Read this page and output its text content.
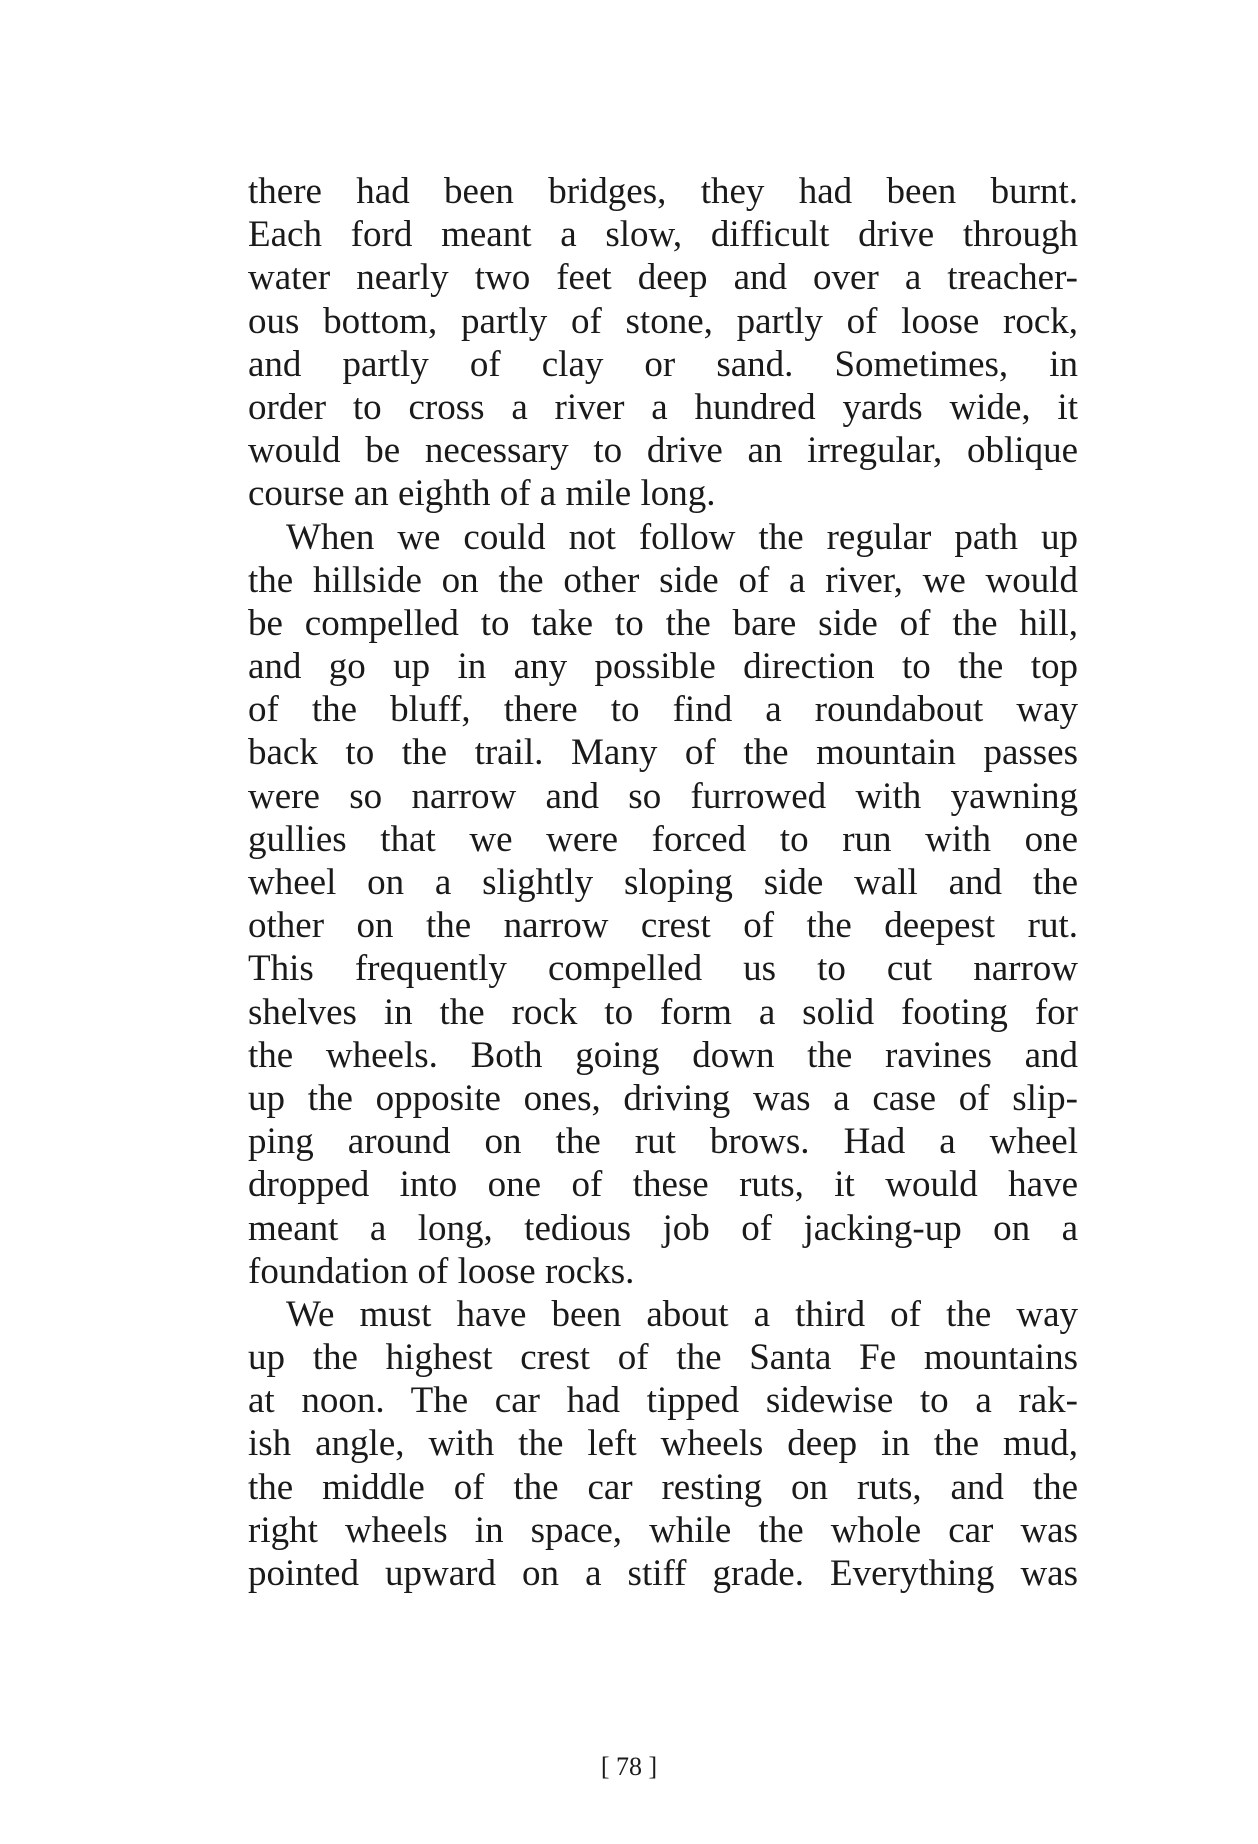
there had been bridges, they had been burnt.
Each ford meant a slow, difficult drive through
water nearly two feet deep and over a treacher-
ous bottom, partly of stone, partly of loose rock,
and partly of clay or sand. Sometimes, in
order to cross a river a hundred yards wide, it
would be necessary to drive an irregular, oblique
course an eighth of a mile long.
When we could not follow the regular path up
the hillside on the other side of a river, we would
be compelled to take to the bare side of the hill,
and go up in any possible direction to the top
of the bluff, there to find a roundabout way
back to the trail. Many of the mountain passes
were so narrow and so furrowed with yawning
gullies that we were forced to run with one
wheel on a slightly sloping side wall and the
other on the narrow crest of the deepest rut.
This frequently compelled us to cut narrow
shelves in the rock to form a solid footing for
the wheels. Both going down the ravines and
up the opposite ones, driving was a case of slip-
ping around on the rut brows. Had a wheel
dropped into one of these ruts, it would have
meant a long, tedious job of jacking-up on a
foundation of loose rocks.
We must have been about a third of the way
up the highest crest of the Santa Fe mountains
at noon. The car had tipped sidewise to a rak-
ish angle, with the left wheels deep in the mud,
the middle of the car resting on ruts, and the
right wheels in space, while the whole car was
pointed upward on a stiff grade. Everything was
[ 78 ]
